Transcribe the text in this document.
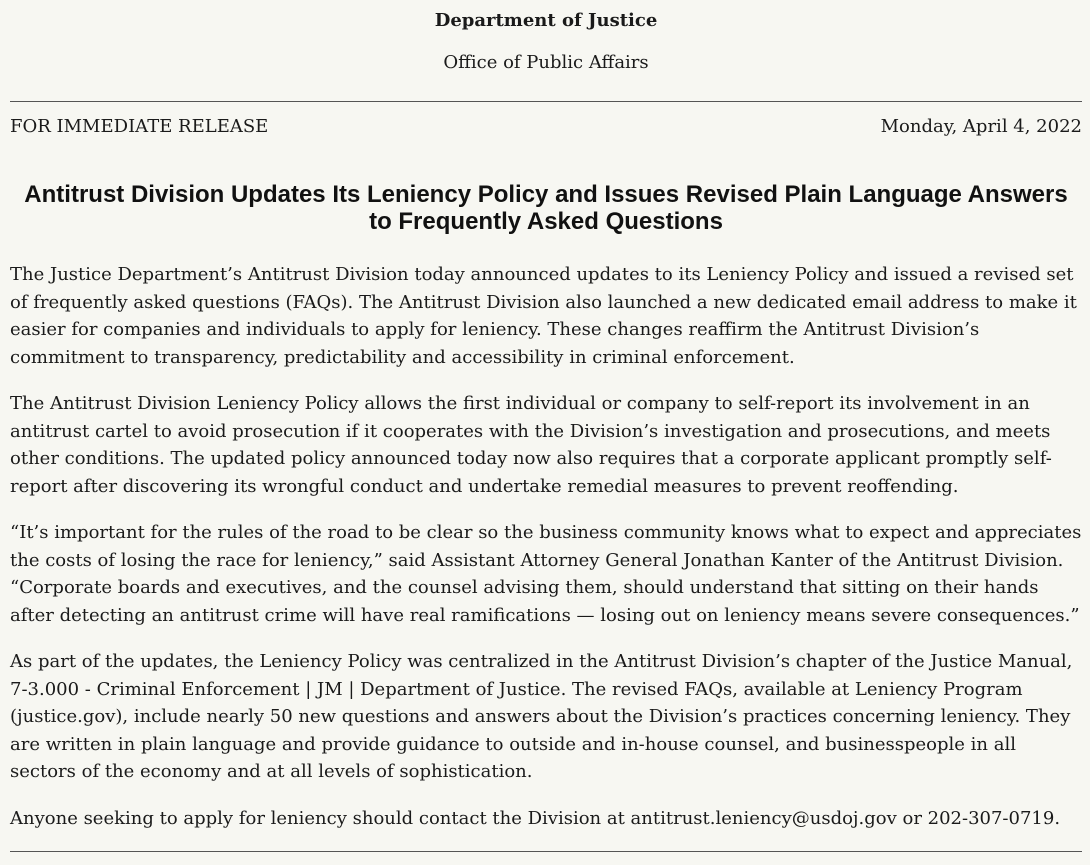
Department of Justice
Office of Public Affairs
FOR IMMEDIATE RELEASE	Monday, April 4, 2022
Antitrust Division Updates Its Leniency Policy and Issues Revised Plain Language Answers to Frequently Asked Questions

The Justice Department’s Antitrust Division today announced updates to its Leniency Policy and issued a revised set of frequently asked questions (FAQs). The Antitrust Division also launched a new dedicated email address to make it easier for companies and individuals to apply for leniency. These changes reaffirm the Antitrust Division’s commitment to transparency, predictability and accessibility in criminal enforcement.

The Antitrust Division Leniency Policy allows the first individual or company to self-report its involvement in an antitrust cartel to avoid prosecution if it cooperates with the Division’s investigation and prosecutions, and meets other conditions. The updated policy announced today now also requires that a corporate applicant promptly self-report after discovering its wrongful conduct and undertake remedial measures to prevent reoffending.

“It’s important for the rules of the road to be clear so the business community knows what to expect and appreciates the costs of losing the race for leniency,” said Assistant Attorney General Jonathan Kanter of the Antitrust Division. “Corporate boards and executives, and the counsel advising them, should understand that sitting on their hands after detecting an antitrust crime will have real ramifications — losing out on leniency means severe consequences.”

As part of the updates, the Leniency Policy was centralized in the Antitrust Division’s chapter of the Justice Manual, 7-3.000 - Criminal Enforcement | JM | Department of Justice. The revised FAQs, available at Leniency Program (justice.gov), include nearly 50 new questions and answers about the Division’s practices concerning leniency. They are written in plain language and provide guidance to outside and in-house counsel, and businesspeople in all sectors of the economy and at all levels of sophistication.

Anyone seeking to apply for leniency should contact the Division at antitrust.leniency@usdoj.gov or 202-307-0719.
